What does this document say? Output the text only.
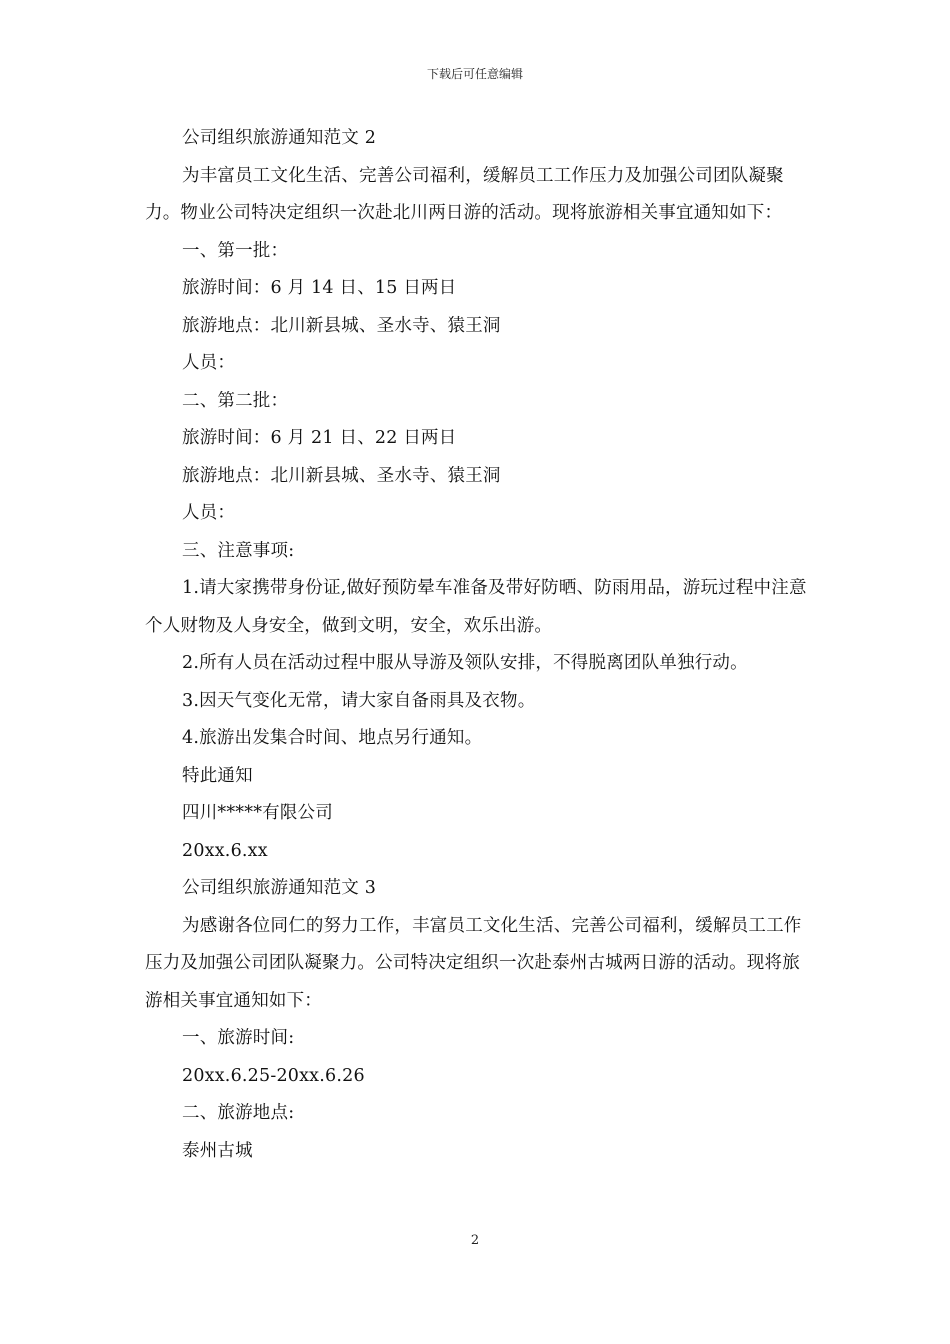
下载后可任意编辑

公司组织旅游通知范文 2

为丰富员工文化生活、完善公司福利，缓解员工工作压力及加强公司团队凝聚力。物业公司特决定组织一次赴北川两日游的活动。现将旅游相关事宜通知如下：

一、第一批：

旅游时间：6 月 14 日、15 日两日

旅游地点：北川新县城、圣水寺、猿王洞

人员：

二、第二批：

旅游时间：6 月 21 日、22 日两日

旅游地点：北川新县城、圣水寺、猿王洞

人员：

三、注意事项:

1.请大家携带身份证,做好预防晕车准备及带好防晒、防雨用品，游玩过程中注意个人财物及人身安全，做到文明，安全，欢乐出游。

2.所有人员在活动过程中服从导游及领队安排，不得脱离团队单独行动。

3.因天气变化无常，请大家自备雨具及衣物。

4.旅游出发集合时间、地点另行通知。

特此通知

四川*****有限公司

20xx.6.xx

公司组织旅游通知范文 3

为感谢各位同仁的努力工作，丰富员工文化生活、完善公司福利，缓解员工工作压力及加强公司团队凝聚力。公司特决定组织一次赴泰州古城两日游的活动。现将旅游相关事宜通知如下：

一、旅游时间:

20xx.6.25-20xx.6.26

二、旅游地点:

泰州古城

2
